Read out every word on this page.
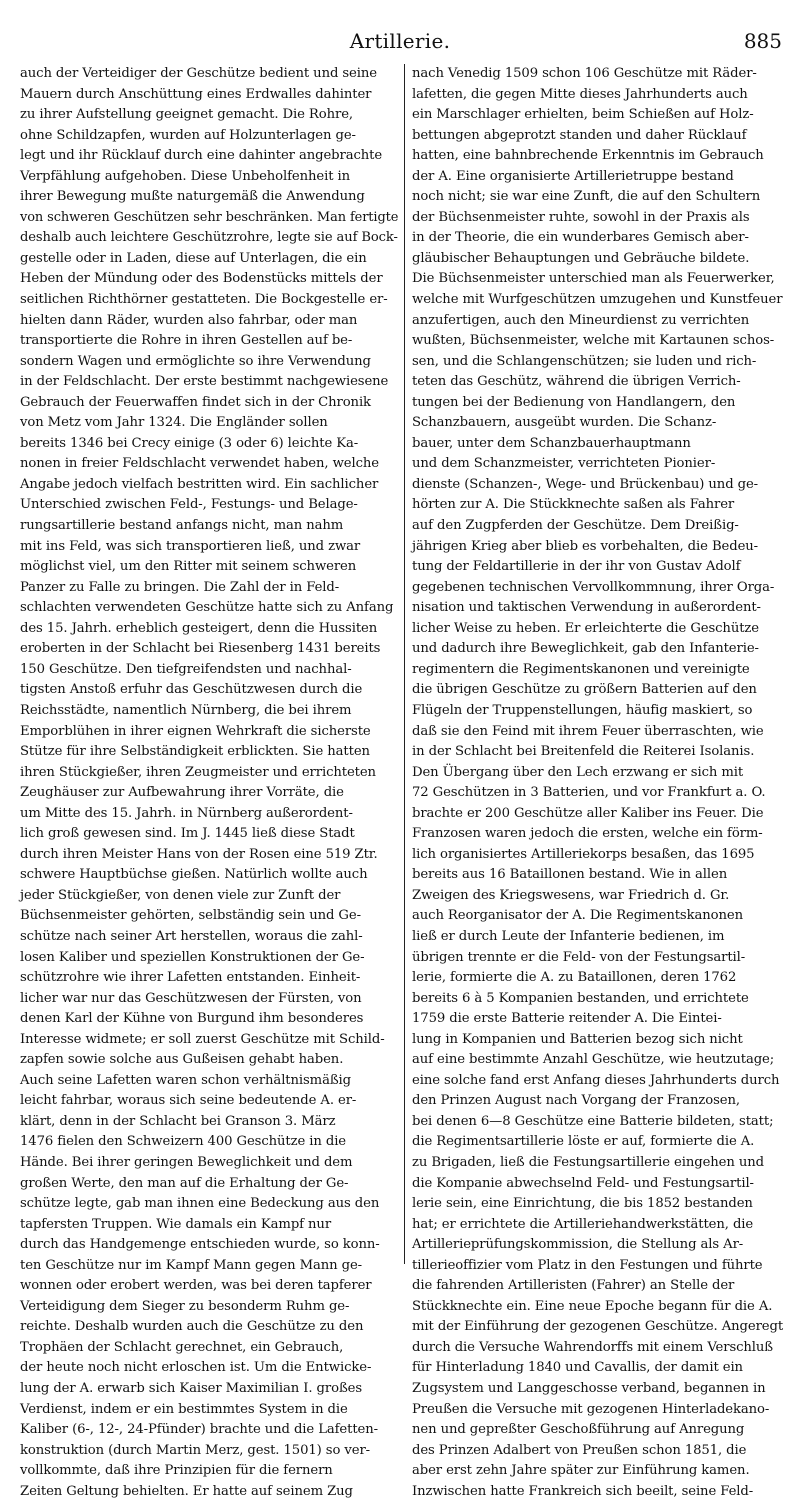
Artillerie.	885
auch der Verteidiger der Geschütze bedient und seine
Mauern durch Anschüttung eines Erdwalles dahinter
zu ihrer Aufstellung geeignet gemacht. Die Rohre,
ohne Schildzapfen, wurden auf Holzunterlagen ge-
legt und ihr Rücklauf durch eine dahinter angebrachte
Verpfählung aufgehoben. Diese Unbeholfenheit in
ihrer Bewegung mußte naturgemäß die Anwendung
von schweren Geschützen sehr beschränken. Man fertigte
deshalb auch leichtere Geschützrohre, legte sie auf Bock-
gestelle oder in Laden, diese auf Unterlagen, die ein
Heben der Mündung oder des Bodenstücks mittels der
seitlichen Richthörner gestatteten. Die Bockgestelle er-
hielten dann Räder, wurden also fahrbar, oder man
transportierte die Rohre in ihren Gestellen auf be-
sondern Wagen und ermöglichte so ihre Verwendung
in der Feldschlacht. Der erste bestimmt nachgewiesene
Gebrauch der Feuerwaffen findet sich in der Chronik
von Metz vom Jahr 1324. Die Engländer sollen
bereits 1346 bei Crecy einige (3 oder 6) leichte Ka-
nonen in freier Feldschlacht verwendet haben, welche
Angabe jedoch vielfach bestritten wird. Ein sachlicher
Unterschied zwischen Feld-, Festungs- und Belage-
rungsartillerie bestand anfangs nicht, man nahm
mit ins Feld, was sich transportieren ließ, und zwar
möglichst viel, um den Ritter mit seinem schweren
Panzer zu Falle zu bringen. Die Zahl der in Feld-
schlachten verwendeten Geschütze hatte sich zu Anfang
des 15. Jahrh. erheblich gesteigert, denn die Hussiten
eroberten in der Schlacht bei Riesenberg 1431 bereits
150 Geschütze. Den tiefgreifendsten und nachhal-
tigsten Anstoß erfuhr das Geschützwesen durch die
Reichsstädte, namentlich Nürnberg, die bei ihrem
Emporblühen in ihrer eignen Wehrkraft die sicherste
Stütze für ihre Selbständigkeit erblickten. Sie hatten
ihren Stückgießer, ihren Zeugmeister und errichteten
Zeughäuser zur Aufbewahrung ihrer Vorräte, die
um Mitte des 15. Jahrh. in Nürnberg außerordent-
lich groß gewesen sind. Im J. 1445 ließ diese Stadt
durch ihren Meister Hans von der Rosen eine 519 Ztr.
schwere Hauptbüchse gießen. Natürlich wollte auch
jeder Stückgießer, von denen viele zur Zunft der
Büchsenmeister gehörten, selbständig sein und Ge-
schütze nach seiner Art herstellen, woraus die zahl-
losen Kaliber und speziellen Konstruktionen der Ge-
schützrohre wie ihrer Lafetten entstanden. Einheit-
licher war nur das Geschützwesen der Fürsten, von
denen Karl der Kühne von Burgund ihm besonderes
Interesse widmete; er soll zuerst Geschütze mit Schild-
zapfen sowie solche aus Gußeisen gehabt haben.
Auch seine Lafetten waren schon verhältnismäßig
leicht fahrbar, woraus sich seine bedeutende A. er-
klärt, denn in der Schlacht bei Granson 3. März
1476 fielen den Schweizern 400 Geschütze in die
Hände. Bei ihrer geringen Beweglichkeit und dem
großen Werte, den man auf die Erhaltung der Ge-
schütze legte, gab man ihnen eine Bedeckung aus den
tapfersten Truppen. Wie damals ein Kampf nur
durch das Handgemenge entschieden wurde, so konn-
ten Geschütze nur im Kampf Mann gegen Mann ge-
wonnen oder erobert werden, was bei deren tapferer
Verteidigung dem Sieger zu besonderm Ruhm ge-
reichte. Deshalb wurden auch die Geschütze zu den
Trophäen der Schlacht gerechnet, ein Gebrauch,
der heute noch nicht erloschen ist. Um die Entwicke-
lung der A. erwarb sich Kaiser Maximilian I. großes
Verdienst, indem er ein bestimmtes System in die
Kaliber (6-, 12-, 24-Pfünder) brachte und die Lafetten-
konstruktion (durch Martin Merz, gest. 1501) so ver-
vollkommte, daß ihre Prinzipien für die fernern
Zeiten Geltung behielten. Er hatte auf seinem Zug
nach Venedig 1509 schon 106 Geschütze mit Räder-
lafetten, die gegen Mitte dieses Jahrhunderts auch
ein Marschlager erhielten, beim Schießen auf Holz-
bettungen abgeprotzt standen und daher Rücklauf
hatten, eine bahnbrechende Erkenntnis im Gebrauch
der A. Eine organisierte Artillerietruppe bestand
noch nicht; sie war eine Zunft, die auf den Schultern
der Büchsenmeister ruhte, sowohl in der Praxis als
in der Theorie, die ein wunderbares Gemisch aber-
gläubischer Behauptungen und Gebräuche bildete.
Die Büchsenmeister unterschied man als Feuerwerker,
welche mit Wurfgeschützen umzugehen und Kunstfeuer
anzufertigen, auch den Mineurdienst zu verrichten
wußten, Büchsenmeister, welche mit Kartaunen schos-
sen, und die Schlangenschützen; sie luden und rich-
teten das Geschütz, während die übrigen Verrich-
tungen bei der Bedienung von Handlangern, den
Schanzbauern, ausgeübt wurden. Die Schanz-
bauer, unter dem Schanzbauerhauptmann
und dem Schanzmeister, verrichteten Pionier-
dienste (Schanzen-, Wege- und Brückenbau) und ge-
hörten zur A. Die Stückknechte saßen als Fahrer
auf den Zugpferden der Geschütze. Dem Dreißig-
jährigen Krieg aber blieb es vorbehalten, die Bedeu-
tung der Feldartillerie in der ihr von Gustav Adolf
gegebenen technischen Vervollkommnung, ihrer Orga-
nisation und taktischen Verwendung in außerordent-
licher Weise zu heben. Er erleichterte die Geschütze
und dadurch ihre Beweglichkeit, gab den Infanterie-
regimentern die Regimentskanonen und vereinigte
die übrigen Geschütze zu größern Batterien auf den
Flügeln der Truppenstellungen, häufig maskiert, so
daß sie den Feind mit ihrem Feuer überraschten, wie
in der Schlacht bei Breitenfeld die Reiterei Isolanis.
Den Übergang über den Lech erzwang er sich mit
72 Geschützen in 3 Batterien, und vor Frankfurt a. O.
brachte er 200 Geschütze aller Kaliber ins Feuer. Die
Franzosen waren jedoch die ersten, welche ein förm-
lich organisiertes Artilleriekorps besaßen, das 1695
bereits aus 16 Bataillonen bestand. Wie in allen
Zweigen des Kriegswesens, war Friedrich d. Gr.
auch Reorganisator der A. Die Regimentskanonen
ließ er durch Leute der Infanterie bedienen, im
übrigen trennte er die Feld- von der Festungsartil-
lerie, formierte die A. zu Bataillonen, deren 1762
bereits 6 à 5 Kompanien bestanden, und errichtete
1759 die erste Batterie reitender A. Die Eintei-
lung in Kompanien und Batterien bezog sich nicht
auf eine bestimmte Anzahl Geschütze, wie heutzutage;
eine solche fand erst Anfang dieses Jahrhunderts durch
den Prinzen August nach Vorgang der Franzosen,
bei denen 6—8 Geschütze eine Batterie bildeten, statt;
die Regimentsartillerie löste er auf, formierte die A.
zu Brigaden, ließ die Festungsartillerie eingehen und
die Kompanie abwechselnd Feld- und Festungsartil-
lerie sein, eine Einrichtung, die bis 1852 bestanden
hat; er errichtete die Artilleriehandwerkstätten, die
Artillerieprüfungskommission, die Stellung als Ar-
tillerieoffizier vom Platz in den Festungen und führte
die fahrenden Artilleristen (Fahrer) an Stelle der
Stückknechte ein. Eine neue Epoche begann für die A.
mit der Einführung der gezogenen Geschütze. Angeregt
durch die Versuche Wahrendorffs mit einem Verschluß
für Hinterladung 1840 und Cavallis, der damit ein
Zugsystem und Langgeschosse verband, begannen in
Preußen die Versuche mit gezogenen Hinterladekano-
nen und gepreßter Geschoßführung auf Anregung
des Prinzen Adalbert von Preußen schon 1851, die
aber erst zehn Jahre später zur Einführung kamen.
Inzwischen hatte Frankreich sich beeilt, seine Feld-
